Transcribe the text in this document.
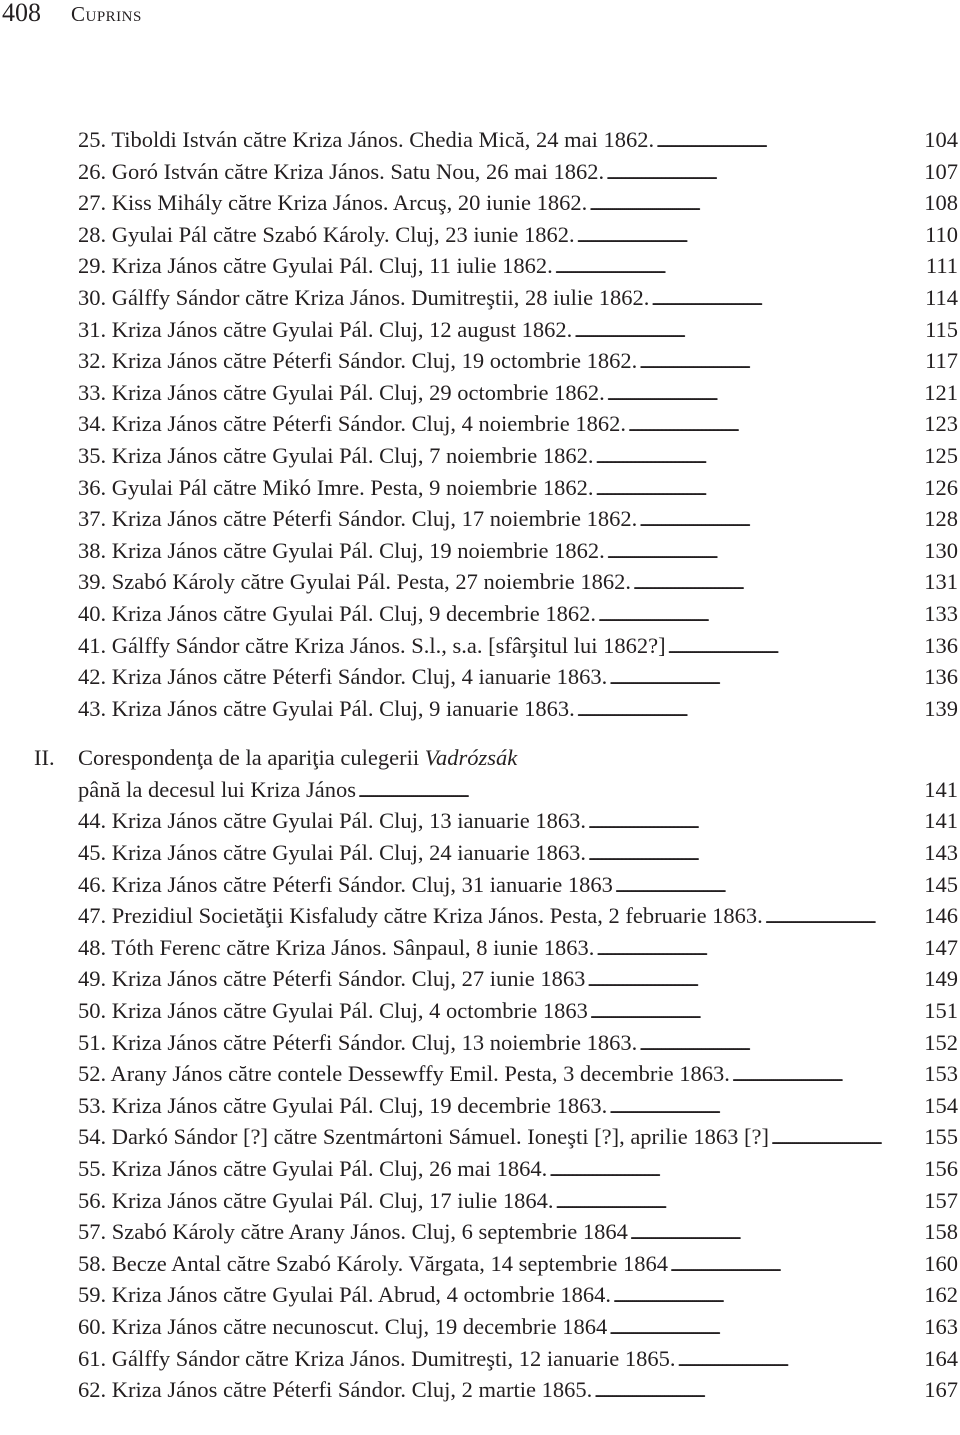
408 Cuprins
25. Tiboldi István către Kriza János. Chedia Mică, 24 mai 1862. . . .	104
26. Goró István către Kriza János. Satu Nou, 26 mai 1862. . . .	107
27. Kiss Mihály către Kriza János. Arcuş, 20 iunie 1862. . . .	108
28. Gyulai Pál către Szabó Károly. Cluj, 23 iunie 1862. . . .	110
29. Kriza János către Gyulai Pál. Cluj, 11 iulie 1862. . . .	111
30. Gálffy Sándor către Kriza János. Dumitreştii, 28 iulie 1862. . . .	114
31. Kriza János către Gyulai Pál. Cluj, 12 august 1862. . . .	115
32. Kriza János către Péterfi Sándor. Cluj, 19 octombrie 1862. . . .	117
33. Kriza János către Gyulai Pál. Cluj, 29 octombrie 1862. . . .	121
34. Kriza János către Péterfi Sándor. Cluj, 4 noiembrie 1862. . . .	123
35. Kriza János către Gyulai Pál. Cluj, 7 noiembrie 1862. . . .	125
36. Gyulai Pál către Mikó Imre. Pesta, 9 noiembrie 1862. . . .	126
37. Kriza János către Péterfi Sándor. Cluj, 17 noiembrie 1862. . . .	128
38. Kriza János către Gyulai Pál. Cluj, 19 noiembrie 1862. . . .	130
39. Szabó Károly către Gyulai Pál. Pesta, 27 noiembrie 1862. . . .	131
40. Kriza János către Gyulai Pál. Cluj, 9 decembrie 1862. . . .	133
41. Gálffy Sándor către Kriza János. S.l., s.a. [sfârşitul lui 1862?] . . .	136
42. Kriza János către Péterfi Sándor. Cluj, 4 ianuarie 1863. . . .	136
43. Kriza János către Gyulai Pál. Cluj, 9 ianuarie 1863. . . .	139
II.	Corespondenţa de la apariţia culegerii Vadrózsák
până la decesul lui Kriza János . . .	141
44. Kriza János către Gyulai Pál. Cluj, 13 ianuarie 1863. . . .	141
45. Kriza János către Gyulai Pál. Cluj, 24 ianuarie 1863. . . .	143
46. Kriza János către Péterfi Sándor. Cluj, 31 ianuarie 1863 . . .	145
47. Prezidiul Societăţii Kisfaludy către Kriza János. Pesta, 2 februarie 1863. . . .	146
48. Tóth Ferenc către Kriza János. Sânpaul, 8 iunie 1863. . . .	147
49. Kriza János către Péterfi Sándor. Cluj, 27 iunie 1863 . . .	149
50. Kriza János către Gyulai Pál. Cluj, 4 octombrie 1863 . . .	151
51. Kriza János către Péterfi Sándor. Cluj, 13 noiembrie 1863. . . .	152
52. Arany János către contele Dessewffy Emil. Pesta, 3 decembrie 1863. . . .	153
53. Kriza János către Gyulai Pál. Cluj, 19 decembrie 1863. . . .	154
54. Darkó Sándor [?] către Szentmártoni Sámuel. Ioneşti [?], aprilie 1863 [?] . . .	155
55. Kriza János către Gyulai Pál. Cluj, 26 mai 1864. . . .	156
56. Kriza János către Gyulai Pál. Cluj, 17 iulie 1864. . . .	157
57. Szabó Károly către Arany János. Cluj, 6 septembrie 1864 . . .	158
58. Becze Antal către Szabó Károly. Vărgata, 14 septembrie 1864 . . .	160
59. Kriza János către Gyulai Pál. Abrud, 4 octombrie 1864. . . .	162
60. Kriza János către necunoscut. Cluj, 19 decembrie 1864 . . .	163
61. Gálffy Sándor către Kriza János. Dumitreşti, 12 ianuarie 1865. . . .	164
62. Kriza János către Péterfi Sándor. Cluj, 2 martie 1865. . . .	167
